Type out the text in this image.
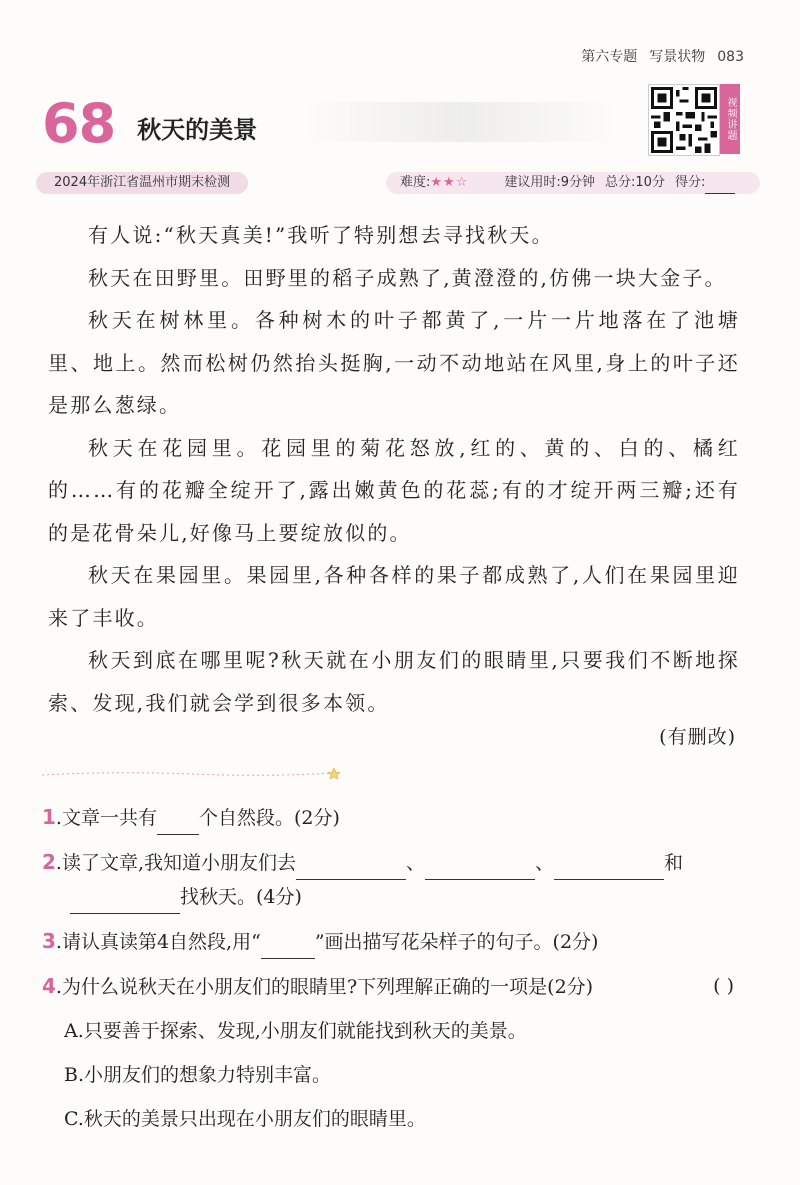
第六专题 写景状物 083
68 秋天的美景	视频讲题
2024年浙江省温州市期末检测	难度:★★☆	建议用时:9分钟 总分:10分 得分:

有人说:“秋天真美!”我听了特别想去寻找秋天。

秋天在田野里。田野里的稻子成熟了,黄澄澄的,仿佛一块大金子。

秋天在树林里。各种树木的叶子都黄了,一片一片地落在了池塘里、地上。然而松树仍然抬头挺胸,一动不动地站在风里,身上的叶子还是那么葱绿。

秋天在花园里。花园里的菊花怒放,红的、黄的、白的、橘红的……有的花瓣全绽开了,露出嫩黄色的花蕊;有的才绽开两三瓣;还有的是花骨朵儿,好像马上要绽放似的。

秋天在果园里。果园里,各种各样的果子都成熟了,人们在果园里迎来了丰收。

秋天到底在哪里呢?秋天就在小朋友们的眼睛里,只要我们不断地探索、发现,我们就会学到很多本领。

(有删改)
1.文章一共有 个自然段。(2分)
2.读了文章,我知道小朋友们去	、	、	和
找秋天。(4分)
3.请认真读第4自然段,用“	”画出描写花朵样子的句子。(2分)
4.为什么说秋天在小朋友们的眼睛里?下列理解正确的一项是(2分)	( )
A.只要善于探索、发现,小朋友们就能找到秋天的美景。
B.小朋友们的想象力特别丰富。
C.秋天的美景只出现在小朋友们的眼睛里。
